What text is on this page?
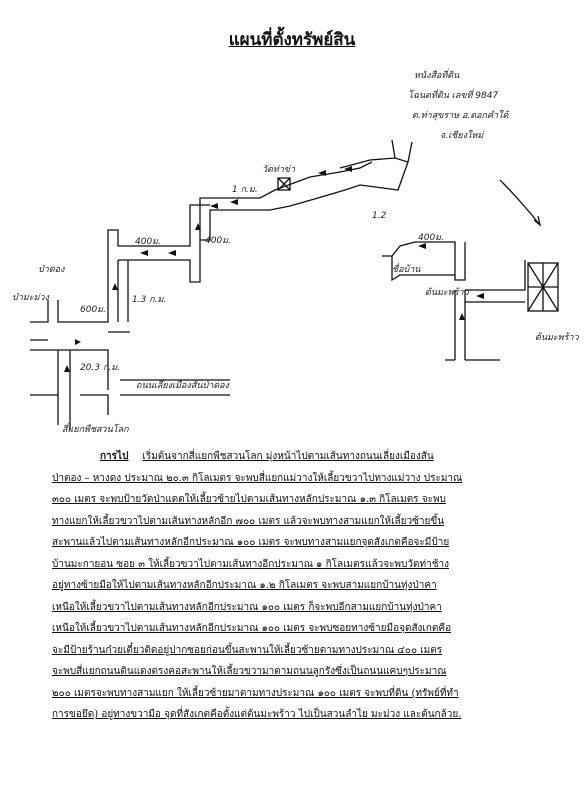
แผนที่ตั้งทรัพย์สิน
หนังสือที่ดิน
โฉนดที่ดิน เลขที่ 9847
ต.ท่าสุขราษ อ.ดอกคำใต้
จ.เชียงใหม่
1 ก.ม.
วัดท่าข่า
400ม.	400ม.	400ม.
1.3 ก.ม.
20.3 ก.ม.
600ม.
1.2
ต้นมะพร้าว
ป่าตอง	ชื่อบ้าน
ถนนเลี่ยงเมืองสันป่าตอง
สี่แยกพืชสวนโลก
ต้นมะพร้าว
ป่ามะม่วง
การไป เริ่มต้นจากสี่แยกพืชสวนโลก มุ่งหน้าไปตามเส้นทางถนนเลี่ยงเมืองสัน
ป่าตอง – หางดง ประมาณ ๒๐.๓ กิโลเมตร จะพบสี่แยกแม่วางให้เลี้ยวขวาไปทางแม่วาง ประมาณ
๓๐๐ เมตร จะพบป้ายวัดป่าแดดให้เลี้ยวซ้ายไปตามเส้นทางหลักประมาณ ๑.๓ กิโลเมตร จะพบ
ทางแยกให้เลี้ยวขวาไปตามเส้นทางหลักอีก ๗๐๐ เมตร แล้วจะพบทางสามแยกให้เลี้ยวซ้ายขึ้น
สะพานแล้วไปตามเส้นทางหลักอีกประมาณ ๑๐๐ เมตร จะพบทางสามแยกจุดสังเกตคือจะมีป้าย
บ้านมะกายอน ซอย ๓ ให้เลี้ยวขวาไปตามเส้นทางอีกประมาณ ๑ กิโลเมตรแล้วจะพบวัดท่าช้าง
อยู่ทางซ้ายมือให้ไปตามเส้นทางหลักอีกประมาณ ๑.๒ กิโลเมตร จะพบสามแยกบ้านทุ่งป่าคา
เหนือให้เลี้ยวขวาไปตามเส้นทางหลักอีกประมาณ ๑๐๐ เมตร ก็จะพบอีกสามแยกบ้านทุ่งป่าคา
เหนือให้เลี้ยวขวาไปตามเส้นทางหลักอีกประมาณ ๑๐๐ เมตร จะพบซอยทางซ้ายมือจุดสังเกตคือ
จะมีป้ายร้านก๋วยเตี๋ยวติดอยู่ปากซอยก่อนขึ้นสะพานให้เลี้ยวซ้ายตามทางประมาณ ๔๐๐ เมตร
จะพบสี่แยกถนนดินแดงตรงคอสะพานให้เลี้ยวขวามาตามถนนลูกรังซึ่งเป็นถนนแคบๆประมาณ
๒๐๐ เมตรจะพบทางสามแยก ให้เลี้ยวซ้ายมาตามทางประมาณ ๑๐๐ เมตร จะพบที่ดิน (ทรัพย์ที่ทำ
การขอยึด) อยู่ทางขวามือ จุดที่สังเกตคือตั้งแต่ต้นมะพร้าว ไปเป็นสวนลำไย มะม่วง และต้นกล้วย.
